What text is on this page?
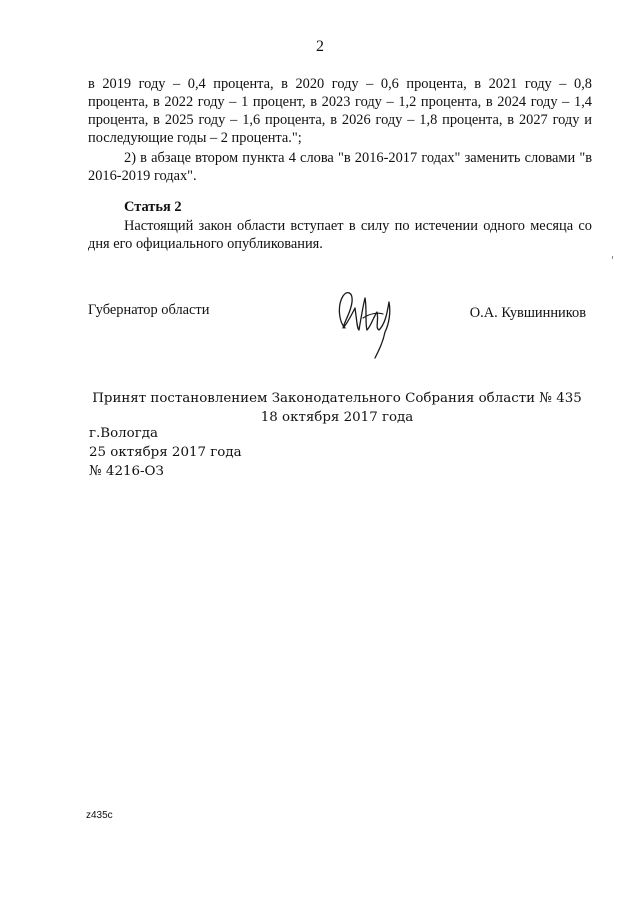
2

в 2019 году – 0,4 процента, в 2020 году – 0,6 процента, в 2021 году – 0,8 процента, в 2022 году – 1 процент, в 2023 году – 1,2 процента, в 2024 году – 1,4 процента, в 2025 году – 1,6 процента, в 2026 году – 1,8 процента, в 2027 году и последующие годы – 2 процента.";

2) в абзаце втором пункта 4 слова "в 2016-2017 годах" заменить словами "в 2016-2019 годах".

Статья 2

Настоящий закон области вступает в силу по истечении одного месяца со дня его официального опубликования.

Губернатор области	О.А. Кувшинников
Принят постановлением Законодательного Собрания области № 435
18 октября 2017 года
г.Вологда
25 октября 2017 года
№ 4216-ОЗ
z435c
